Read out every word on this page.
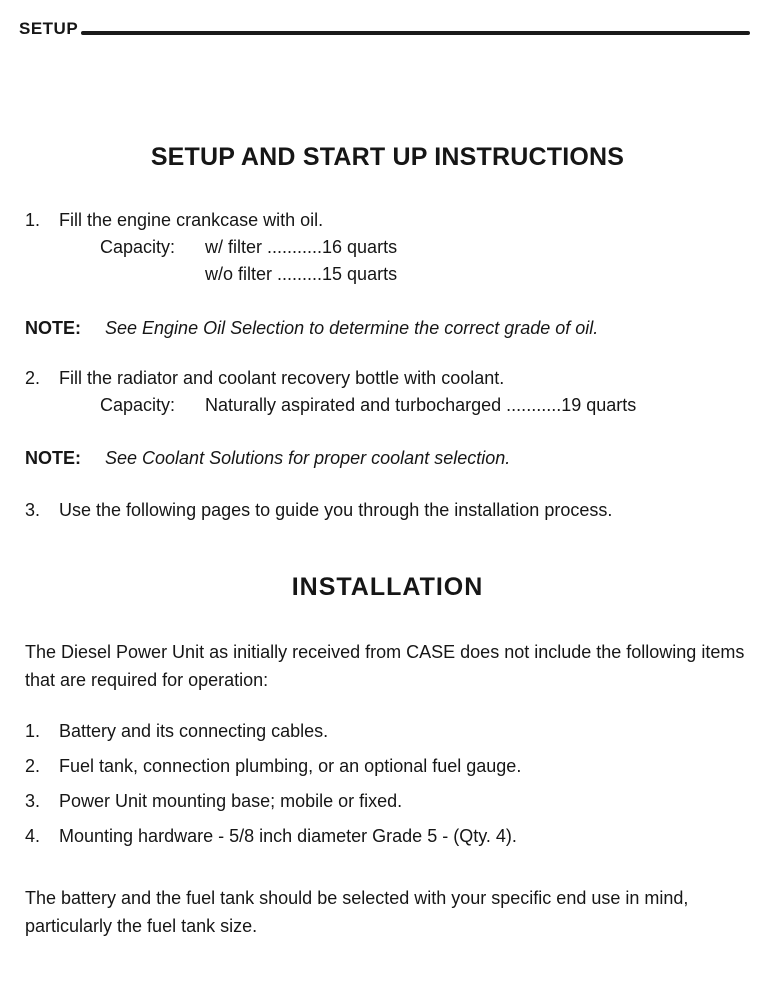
SETUP
SETUP AND START UP INSTRUCTIONS
1.	Fill the engine crankcase with oil.
Capacity:	w/ filter ...........16 quarts
w/o filter .........15 quarts
NOTE:	See Engine Oil Selection to determine the correct grade of oil.
2.	Fill the radiator and coolant recovery bottle with coolant.
Capacity:	Naturally aspirated and turbocharged ...........19 quarts
NOTE:	See Coolant Solutions for proper coolant selection.
3.	Use the following pages to guide you through the installation process.
INSTALLATION
The Diesel Power Unit as initially received from CASE does not include the following items that are required for operation:
1.	Battery and its connecting cables.
2.	Fuel tank, connection plumbing, or an optional fuel gauge.
3.	Power Unit mounting base; mobile or fixed.
4.	Mounting hardware - 5/8 inch diameter Grade 5 - (Qty. 4).
The battery and the fuel tank should be selected with your specific end use in mind, particularly the fuel tank size.
